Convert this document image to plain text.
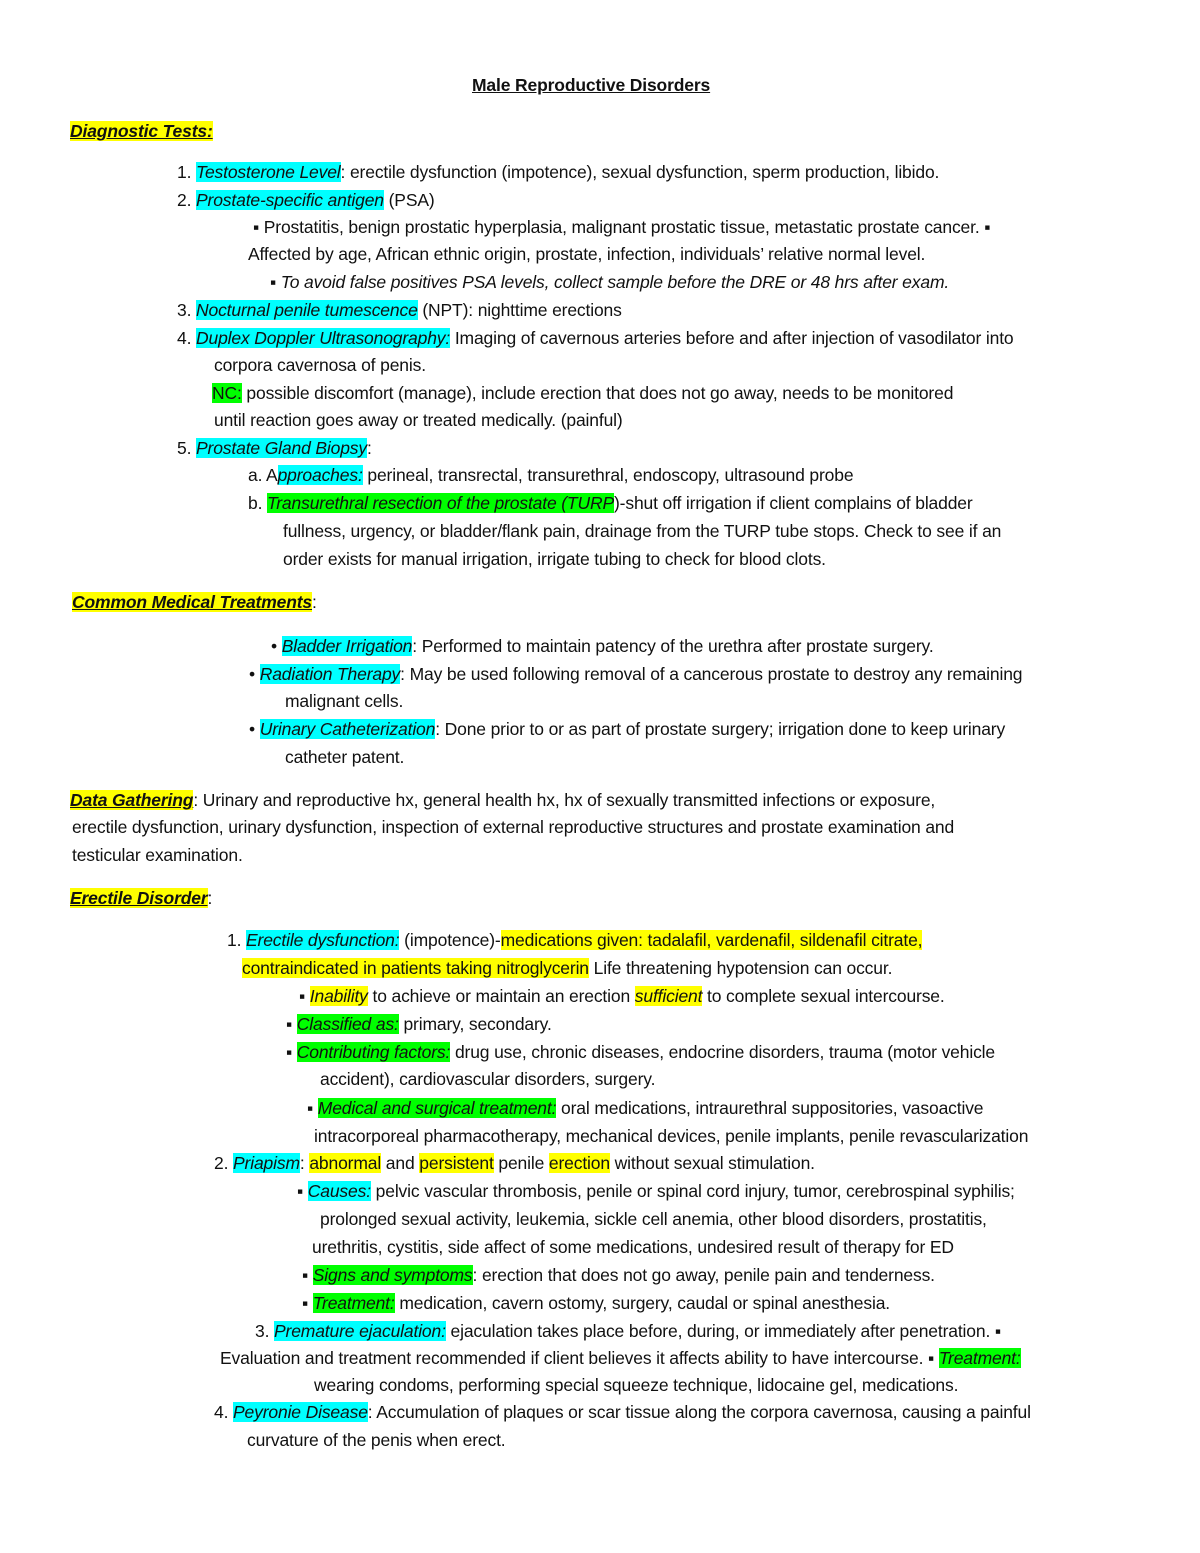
Male Reproductive Disorders
Diagnostic Tests:
1. Testosterone Level: erectile dysfunction (impotence), sexual dysfunction, sperm production, libido.
2. Prostate-specific antigen (PSA)
▪ Prostatitis, benign prostatic hyperplasia, malignant prostatic tissue, metastatic prostate cancer. ▪
Affected by age, African ethnic origin, prostate, infection, individuals’ relative normal level.
▪ To avoid false positives PSA levels, collect sample before the DRE or 48 hrs after exam.
3. Nocturnal penile tumescence (NPT): nighttime erections
4. Duplex Doppler Ultrasonography: Imaging of cavernous arteries before and after injection of vasodilator into
corpora cavernosa of penis.
NC: possible discomfort (manage), include erection that does not go away, needs to be monitored
until reaction goes away or treated medically. (painful)
5. Prostate Gland Biopsy:
a. Approaches: perineal, transrectal, transurethral, endoscopy, ultrasound probe
b. Transurethral resection of the prostate (TURP)-shut off irrigation if client complains of bladder
fullness, urgency, or bladder/flank pain, drainage from the TURP tube stops. Check to see if an
order exists for manual irrigation, irrigate tubing to check for blood clots.
Common Medical Treatments:
• Bladder Irrigation: Performed to maintain patency of the urethra after prostate surgery.
• Radiation Therapy: May be used following removal of a cancerous prostate to destroy any remaining
malignant cells.
• Urinary Catheterization: Done prior to or as part of prostate surgery; irrigation done to keep urinary
catheter patent.
Data Gathering: Urinary and reproductive hx, general health hx, hx of sexually transmitted infections or exposure,
erectile dysfunction, urinary dysfunction, inspection of external reproductive structures and prostate examination and
testicular examination.
Erectile Disorder:
1. Erectile dysfunction: (impotence)-medications given: tadalafil, vardenafil, sildenafil citrate,
contraindicated in patients taking nitroglycerin Life threatening hypotension can occur.
▪ Inability to achieve or maintain an erection sufficient to complete sexual intercourse.
▪ Classified as: primary, secondary.
▪ Contributing factors: drug use, chronic diseases, endocrine disorders, trauma (motor vehicle
accident), cardiovascular disorders, surgery.
▪ Medical and surgical treatment: oral medications, intraurethral suppositories, vasoactive
intracorporeal pharmacotherapy, mechanical devices, penile implants, penile revascularization
2. Priapism: abnormal and persistent penile erection without sexual stimulation.
▪ Causes: pelvic vascular thrombosis, penile or spinal cord injury, tumor, cerebrospinal syphilis;
prolonged sexual activity, leukemia, sickle cell anemia, other blood disorders, prostatitis,
urethritis, cystitis, side affect of some medications, undesired result of therapy for ED
▪ Signs and symptoms: erection that does not go away, penile pain and tenderness.
▪ Treatment: medication, cavern ostomy, surgery, caudal or spinal anesthesia.
3. Premature ejaculation: ejaculation takes place before, during, or immediately after penetration. ▪
Evaluation and treatment recommended if client believes it affects ability to have intercourse. ▪ Treatment:
wearing condoms, performing special squeeze technique, lidocaine gel, medications.
4. Peyronie Disease: Accumulation of plaques or scar tissue along the corpora cavernosa, causing a painful
curvature of the penis when erect.
